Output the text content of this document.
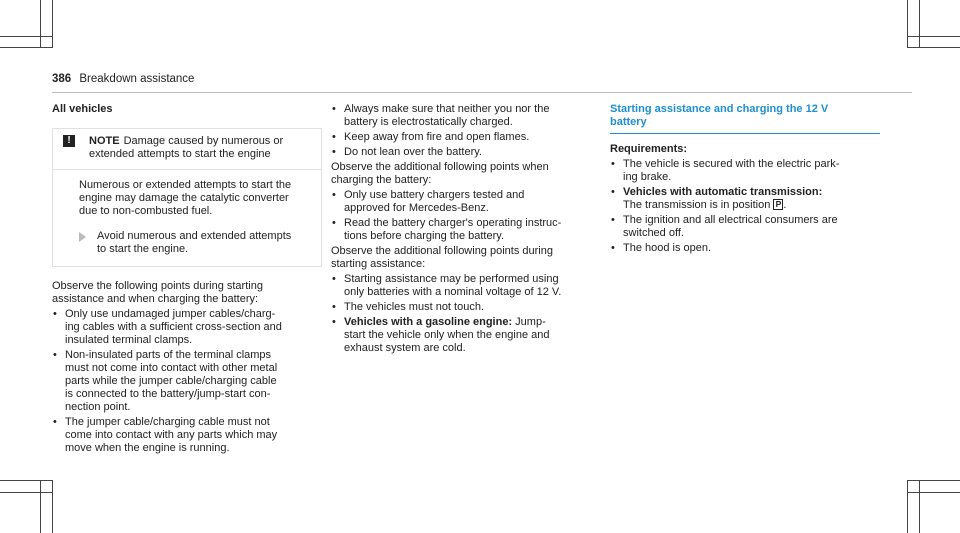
386 Breakdown assistance
All vehicles
!	NOTE Damage caused by numerous or
extended attempts to start the engine
Numerous or extended attempts to start the
engine may damage the catalytic converter
due to non-combusted fuel.
Avoid numerous and extended attempts
to start the engine.

Observe the following points during starting
assistance and when charging the battery:

• Only use undamaged jumper cables/charg-
ing cables with a sufficient cross-section and
insulated terminal clamps.
• Non-insulated parts of the terminal clamps
must not come into contact with other metal
parts while the jumper cable/charging cable
is connected to the battery/jump-start con-
nection point.
• The jumper cable/charging cable must not
come into contact with any parts which may
move when the engine is running.
• Always make sure that neither you nor the
battery is electrostatically charged.
• Keep away from fire and open flames.
• Do not lean over the battery.

Observe the additional following points when
charging the battery:

• Only use battery chargers tested and
approved for Mercedes-Benz.
• Read the battery charger's operating instruc-
tions before charging the battery.

Observe the additional following points during
starting assistance:

• Starting assistance may be performed using
only batteries with a nominal voltage of 12 V.
• The vehicles must not touch.
• Vehicles with a gasoline engine: Jump-
start the vehicle only when the engine and
exhaust system are cold.
Starting assistance and charging the 12 V
battery
Requirements:
• The vehicle is secured with the electric park-
ing brake.
• Vehicles with automatic transmission:
The transmission is in position P .
• The ignition and all electrical consumers are
switched off.
• The hood is open.
